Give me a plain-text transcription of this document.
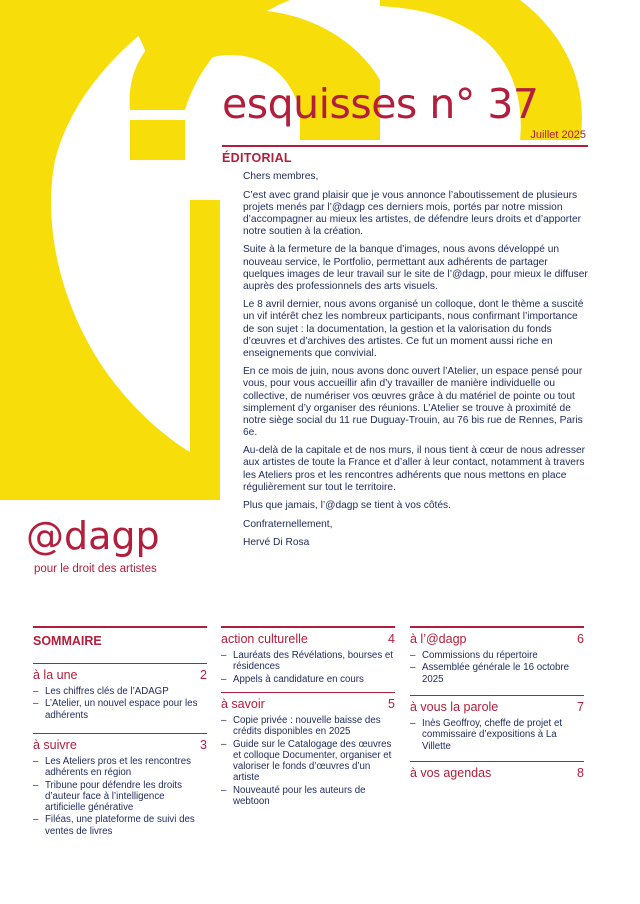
esquisses n° 37
Juillet 2025
ÉDITORIAL

Chers membres,

C’est avec grand plaisir que je vous annonce l’aboutissement de plusieurs projets menés par l’@dagp ces derniers mois, portés par notre mission d’accompagner au mieux les artistes, de défendre leurs droits et d’apporter notre soutien à la création.

Suite à la fermeture de la banque d’images, nous avons développé un nouveau service, le Portfolio, permettant aux adhérents de partager quelques images de leur travail sur le site de l’@dagp, pour mieux le diffuser auprès des professionnels des arts visuels.

Le 8 avril dernier, nous avons organisé un colloque, dont le thème a suscité un vif intérêt chez les nombreux participants, nous confirmant l’importance de son sujet : la documentation, la gestion et la valorisation du fonds d’œuvres et d’archives des artistes. Ce fut un moment aussi riche en enseignements que convivial.

En ce mois de juin, nous avons donc ouvert l’Atelier, un espace pensé pour vous, pour vous accueillir afin d’y travailler de manière individuelle ou collective, de numériser vos œuvres grâce à du matériel de pointe ou tout simplement d’y organiser des réunions. L’Atelier se trouve à proximité de notre siège social du 11 rue Duguay-Trouin, au 76 bis rue de Rennes, Paris 6e.

Au-delà de la capitale et de nos murs, il nous tient à cœur de nous adresser aux artistes de toute la France et d’aller à leur contact, notamment à travers les Ateliers pros et les rencontres adhérents que nous mettons en place régulièrement sur tout le territoire.

Plus que jamais, l’@dagp se tient à vos côtés.

Confraternellement,

Hervé Di Rosa

@dagp
pour le droit des artistes
SOMMAIRE
à la une	2
– Les chiffres clés de l’ADAGP
– L’Atelier, un nouvel espace pour les adhérents
à suivre	3
– Les Ateliers pros et les rencontres adhérents en région
– Tribune pour défendre les droits d’auteur face à l’intelligence artificielle générative
– Filéas, une plateforme de suivi des ventes de livres
action culturelle	4
– Lauréats des Révélations, bourses et résidences
– Appels à candidature en cours
à savoir	5
– Copie privée : nouvelle baisse des crédits disponibles en 2025
– Guide sur le Catalogage des œuvres et colloque Documenter, organiser et valoriser le fonds d’œuvres d’un artiste
– Nouveauté pour les auteurs de webtoon
à l’@dagp	6
– Commissions du répertoire
– Assemblée générale le 16 octobre 2025
à vous la parole	7
– Inès Geoffroy, cheffe de projet et commissaire d’expositions à La Villette
à vos agendas	8
